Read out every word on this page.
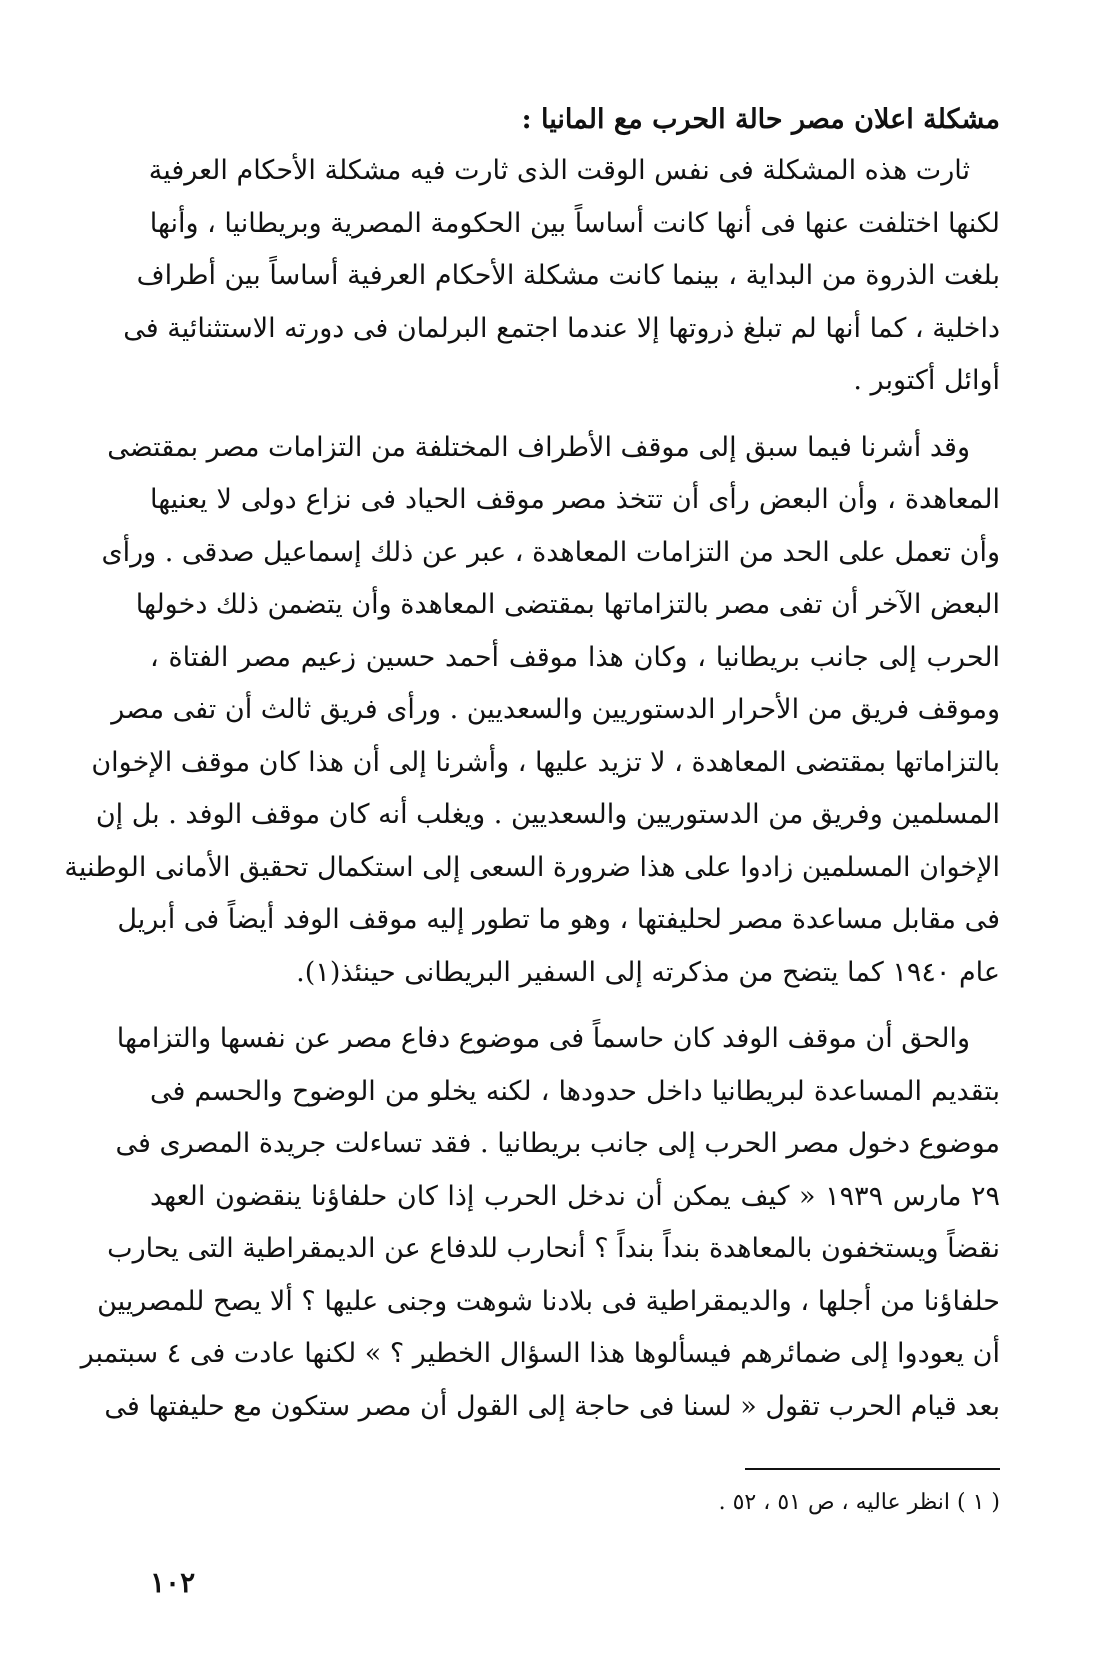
مشكلة اعلان مصر حالة الحرب مع المانيا :
ثارت هذه المشكلة فى نفس الوقت الذى ثارت فيه مشكلة الأحكام العرفية
لكنها اختلفت عنها فى أنها كانت أساساً بين الحكومة المصرية وبريطانيا ، وأنها
بلغت الذروة من البداية ، بينما كانت مشكلة الأحكام العرفية أساساً بين أطراف
داخلية ، كما أنها لم تبلغ ذروتها إلا عندما اجتمع البرلمان فى دورته الاستثنائية فى
أوائل أكتوبر .
وقد أشرنا فيما سبق إلى موقف الأطراف المختلفة من التزامات مصر بمقتضى
المعاهدة ، وأن البعض رأى أن تتخذ مصر موقف الحياد فى نزاع دولى لا يعنيها
وأن تعمل على الحد من التزامات المعاهدة ، عبر عن ذلك إسماعيل صدقى . ورأى
البعض الآخر أن تفى مصر بالتزاماتها بمقتضى المعاهدة وأن يتضمن ذلك دخولها
الحرب إلى جانب بريطانيا ، وكان هذا موقف أحمد حسين زعيم مصر الفتاة ،
وموقف فريق من الأحرار الدستوريين والسعديين . ورأى فريق ثالث أن تفى مصر
بالتزاماتها بمقتضى المعاهدة ، لا تزيد عليها ، وأشرنا إلى أن هذا كان موقف الإخوان
المسلمين وفريق من الدستوريين والسعديين . ويغلب أنه كان موقف الوفد . بل إن
الإخوان المسلمين زادوا على هذا ضرورة السعى إلى استكمال تحقيق الأمانى الوطنية
فى مقابل مساعدة مصر لحليفتها ، وهو ما تطور إليه موقف الوفد أيضاً فى أبريل
عام ١٩٤٠ كما يتضح من مذكرته إلى السفير البريطانى حينئذ(١).
والحق أن موقف الوفد كان حاسماً فى موضوع دفاع مصر عن نفسها والتزامها
بتقديم المساعدة لبريطانيا داخل حدودها ، لكنه يخلو من الوضوح والحسم فى
موضوع دخول مصر الحرب إلى جانب بريطانيا . فقد تساءلت جريدة المصرى فى
٢٩ مارس ١٩٣٩ « كيف يمكن أن ندخل الحرب إذا كان حلفاؤنا ينقضون العهد
نقضاً ويستخفون بالمعاهدة بنداً بنداً ؟ أنحارب للدفاع عن الديمقراطية التى يحارب
حلفاؤنا من أجلها ، والديمقراطية فى بلادنا شوهت وجنى عليها ؟ ألا يصح للمصريين
أن يعودوا إلى ضمائرهم فيسألوها هذا السؤال الخطير ؟ » لكنها عادت فى ٤ سبتمبر
بعد قيام الحرب تقول « لسنا فى حاجة إلى القول أن مصر ستكون مع حليفتها فى
( ١ ) انظر عاليه ، ص ٥١ ، ٥٢ .
١٠٢
